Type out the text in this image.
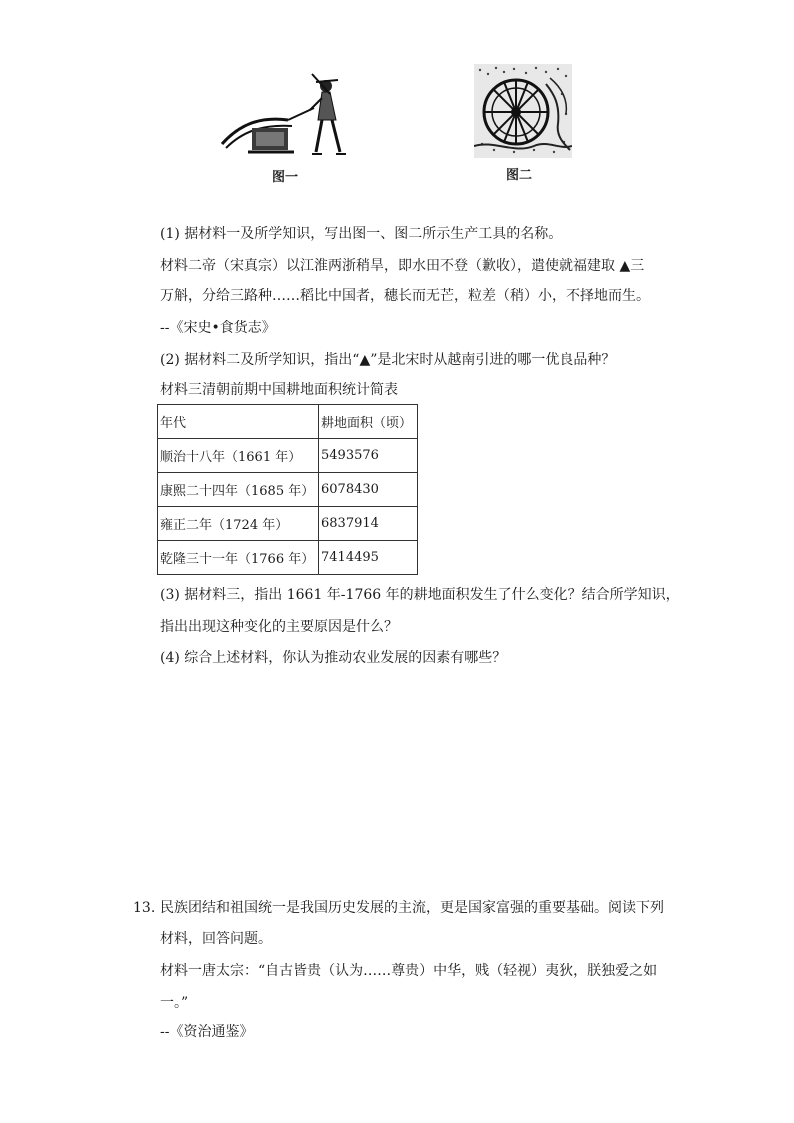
图一	图二
(1) 据材料一及所学知识，写出图一、图二所示生产工具的名称。
材料二帝（宋真宗）以江淮两浙稍旱，即水田不登（歉收），遣使就福建取 ▲三
万斛，分给三路种……稻比中国者，穗长而无芒，粒差（稍）小，不择地而生。
--《宋史•食货志》
(2) 据材料二及所学知识，指出“▲”是北宋时从越南引进的哪一优良品种？
材料三清朝前期中国耕地面积统计简表
年代	耕地面积（顷）
顺治十八年（1661 年）	5493576
康熙二十四年（1685 年）	6078430
雍正二年（1724 年）	6837914
乾隆三十一年（1766 年）	7414495
(3) 据材料三，指出 1661 年-1766 年的耕地面积发生了什么变化？结合所学知识，
指出出现这种变化的主要原因是什么？
(4) 综合上述材料，你认为推动农业发展的因素有哪些？
13. 民族团结和祖国统一是我国历史发展的主流，更是国家富强的重要基础。阅读下列
材料，回答问题。
材料一唐太宗：“自古皆贵（认为……尊贵）中华，贱（轻视）夷狄，朕独爱之如
一。”
--《资治通鉴》
